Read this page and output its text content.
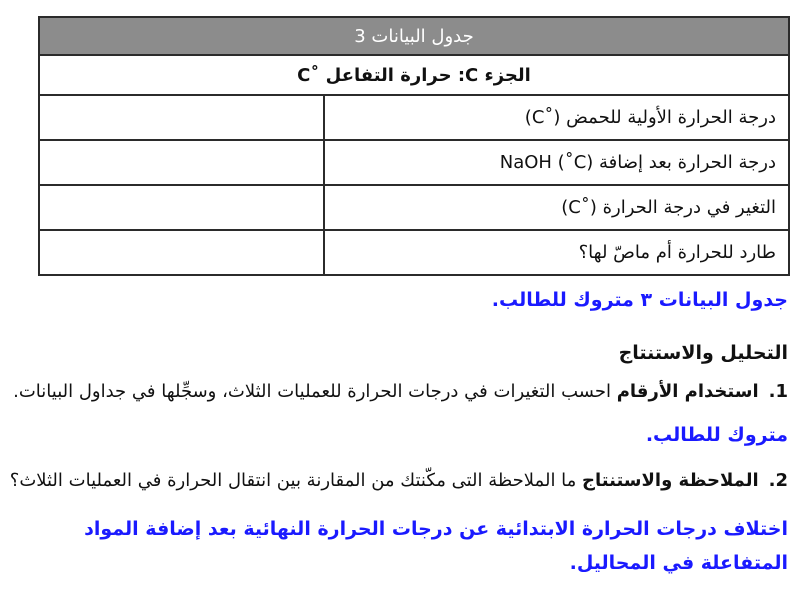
جدول البيانات 3	
الجزء C: حرارة التفاعل ˚C	
درجة الحرارة الأولية للحمض (˚C)	
درجة الحرارة بعد إضافة NaOH (˚C)	
التغير في درجة الحرارة (˚C)	
طارد للحرارة أم ماصّ لها؟	
جدول البيانات ٣ متروك للطالب.
التحليل والاستنتاج
1.استخدام الأرقام احسب التغيرات في درجات الحرارة للعمليات الثلاث، وسجِّلها في جداول البيانات.
متروك للطالب.
2.الملاحظة والاستنتاج ما الملاحظة التى مكّنتك من المقارنة بين انتقال الحرارة في العمليات الثلاث؟
اختلاف درجات الحرارة الابتدائية عن درجات الحرارة النهائية بعد إضافة المواد المتفاعلة في المحاليل.
